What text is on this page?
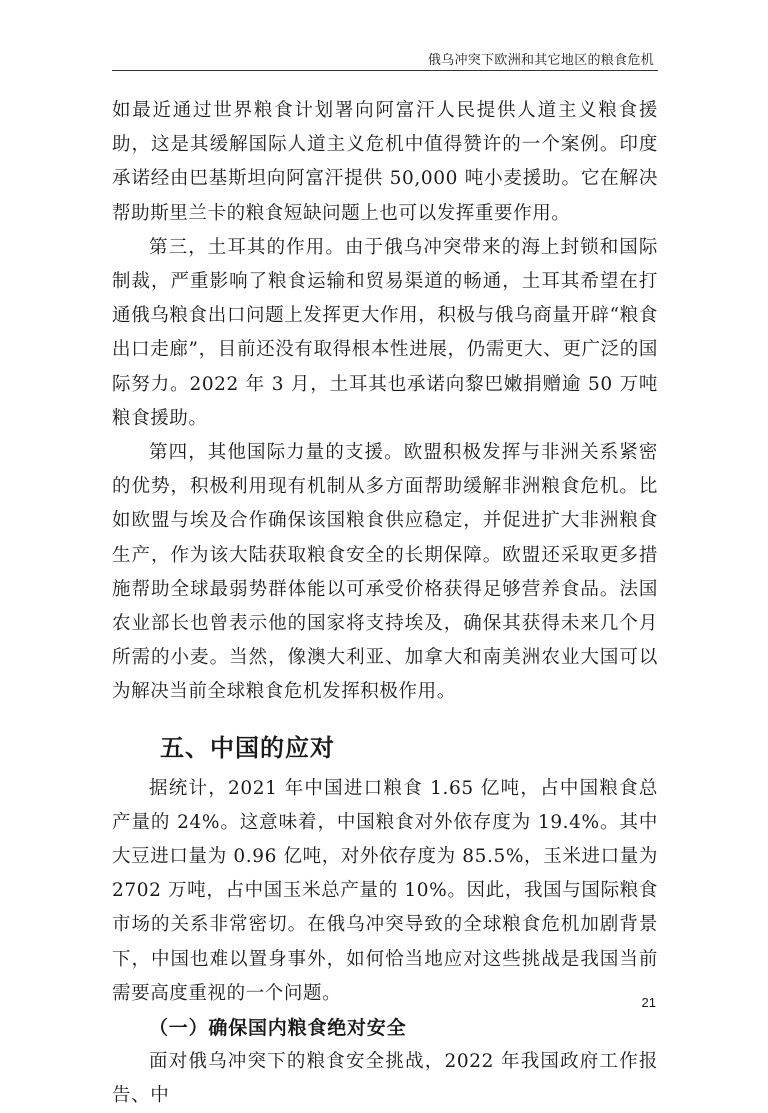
俄乌冲突下欧洲和其它地区的粮食危机

如最近通过世界粮食计划署向阿富汗人民提供人道主义粮食援助，这是其缓解国际人道主义危机中值得赞许的一个案例。印度承诺经由巴基斯坦向阿富汗提供 50,000 吨小麦援助。它在解决帮助斯里兰卡的粮食短缺问题上也可以发挥重要作用。

第三，土耳其的作用。由于俄乌冲突带来的海上封锁和国际制裁，严重影响了粮食运输和贸易渠道的畅通，土耳其希望在打通俄乌粮食出口问题上发挥更大作用，积极与俄乌商量开辟“粮食出口走廊”，目前还没有取得根本性进展，仍需更大、更广泛的国际努力。2022 年 3 月，土耳其也承诺向黎巴嫩捐赠逾 50 万吨粮食援助。

第四，其他国际力量的支援。欧盟积极发挥与非洲关系紧密的优势，积极利用现有机制从多方面帮助缓解非洲粮食危机。比如欧盟与埃及合作确保该国粮食供应稳定，并促进扩大非洲粮食生产，作为该大陆获取粮食安全的长期保障。欧盟还采取更多措施帮助全球最弱势群体能以可承受价格获得足够营养食品。法国农业部长也曾表示他的国家将支持埃及，确保其获得未来几个月所需的小麦。当然，像澳大利亚、加拿大和南美洲农业大国可以为解决当前全球粮食危机发挥积极作用。

五、中国的应对

据统计，2021 年中国进口粮食 1.65 亿吨，占中国粮食总产量的 24%。这意味着，中国粮食对外依存度为 19.4%。其中大豆进口量为 0.96 亿吨，对外依存度为 85.5%，玉米进口量为 2702 万吨，占中国玉米总产量的 10%。因此，我国与国际粮食市场的关系非常密切。在俄乌冲突导致的全球粮食危机加剧背景下，中国也难以置身事外，如何恰当地应对这些挑战是我国当前需要高度重视的一个问题。

（一）确保国内粮食绝对安全

面对俄乌冲突下的粮食安全挑战，2022 年我国政府工作报告、中

21
